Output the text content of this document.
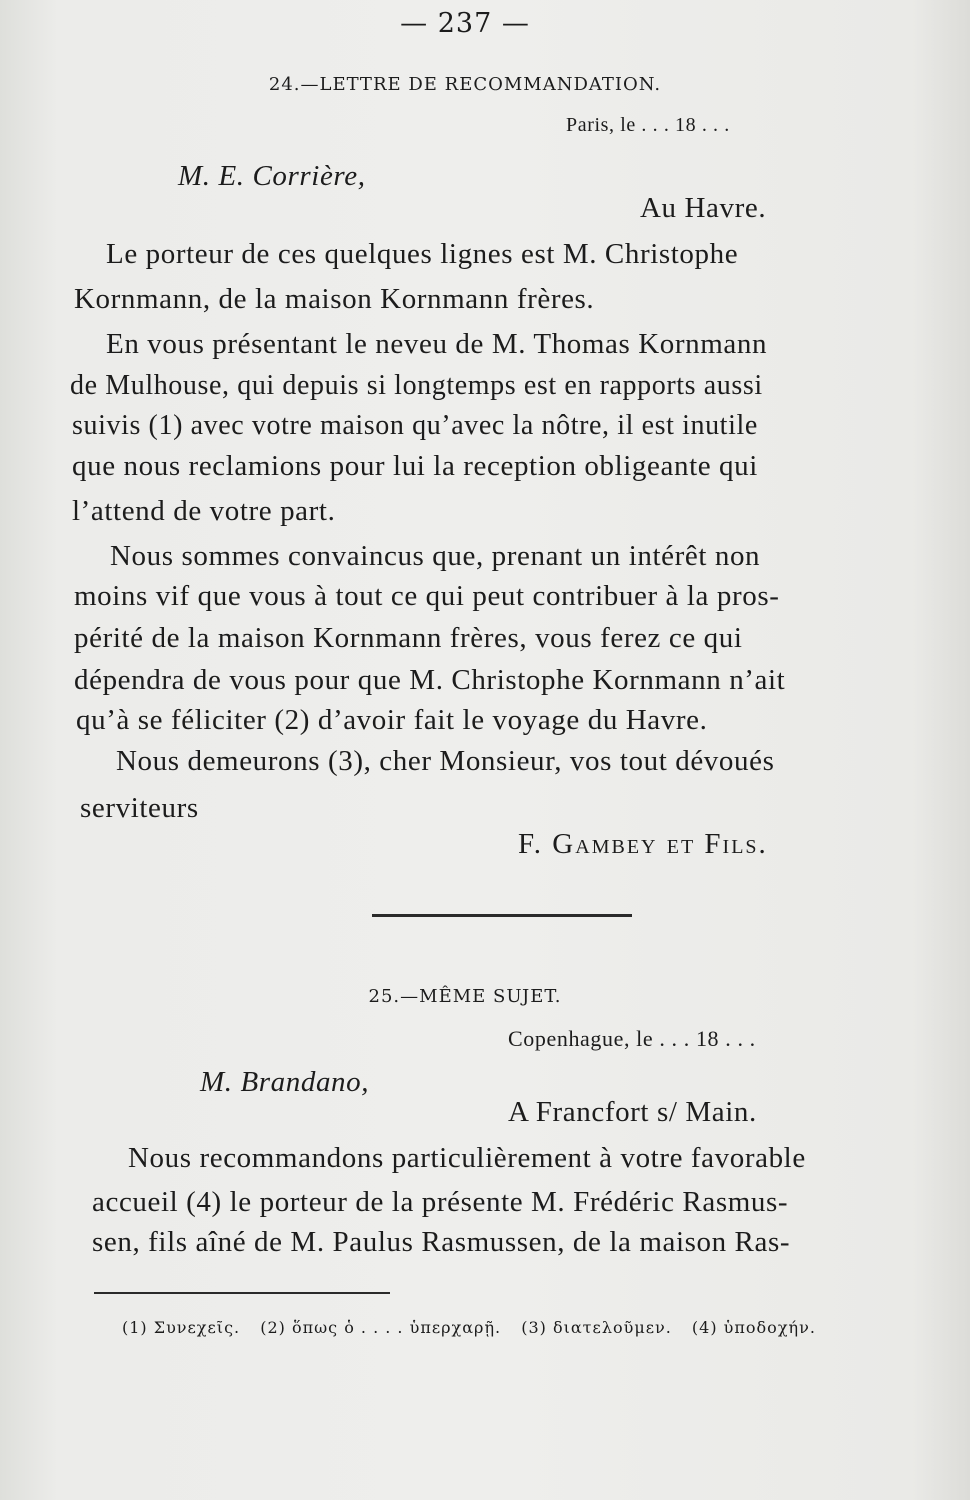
— 237 —
24.—LETTRE DE RECOMMANDATION.
Paris, le . . . 18 . . .
M. E. Corrière,
Au Havre.
Le porteur de ces quelques lignes est M. Christophe
Kornmann, de la maison Kornmann frères.
En vous présentant le neveu de M. Thomas Kornmann
de Mulhouse, qui depuis si longtemps est en rapports aussi
suivis (1) avec votre maison qu’avec la nôtre, il est inutile
que nous reclamions pour lui la reception obligeante qui
l’attend de votre part.
Nous sommes convaincus que, prenant un intérêt non
moins vif que vous à tout ce qui peut contribuer à la pros-
périté de la maison Kornmann frères, vous ferez ce qui
dépendra de vous pour que M. Christophe Kornmann n’ait
qu’à se féliciter (2) d’avoir fait le voyage du Havre.
Nous demeurons (3), cher Monsieur, vos tout dévoués
serviteurs
F. Gambey et Fils.
25.—MÊME SUJET.
Copenhague, le . . . 18 . . .
M. Brandano,
A Francfort s/ Main.
Nous recommandons particulièrement à votre favorable
accueil (4) le porteur de la présente M. Frédéric Rasmus-
sen, fils aîné de M. Paulus Rasmussen, de la maison Ras-
(1) Συνεχεῖς. (2) ὅπως ὁ . . . . ὑπερχαρῇ. (3) διατελοῦμεν. (4) ὑποδοχήν.
